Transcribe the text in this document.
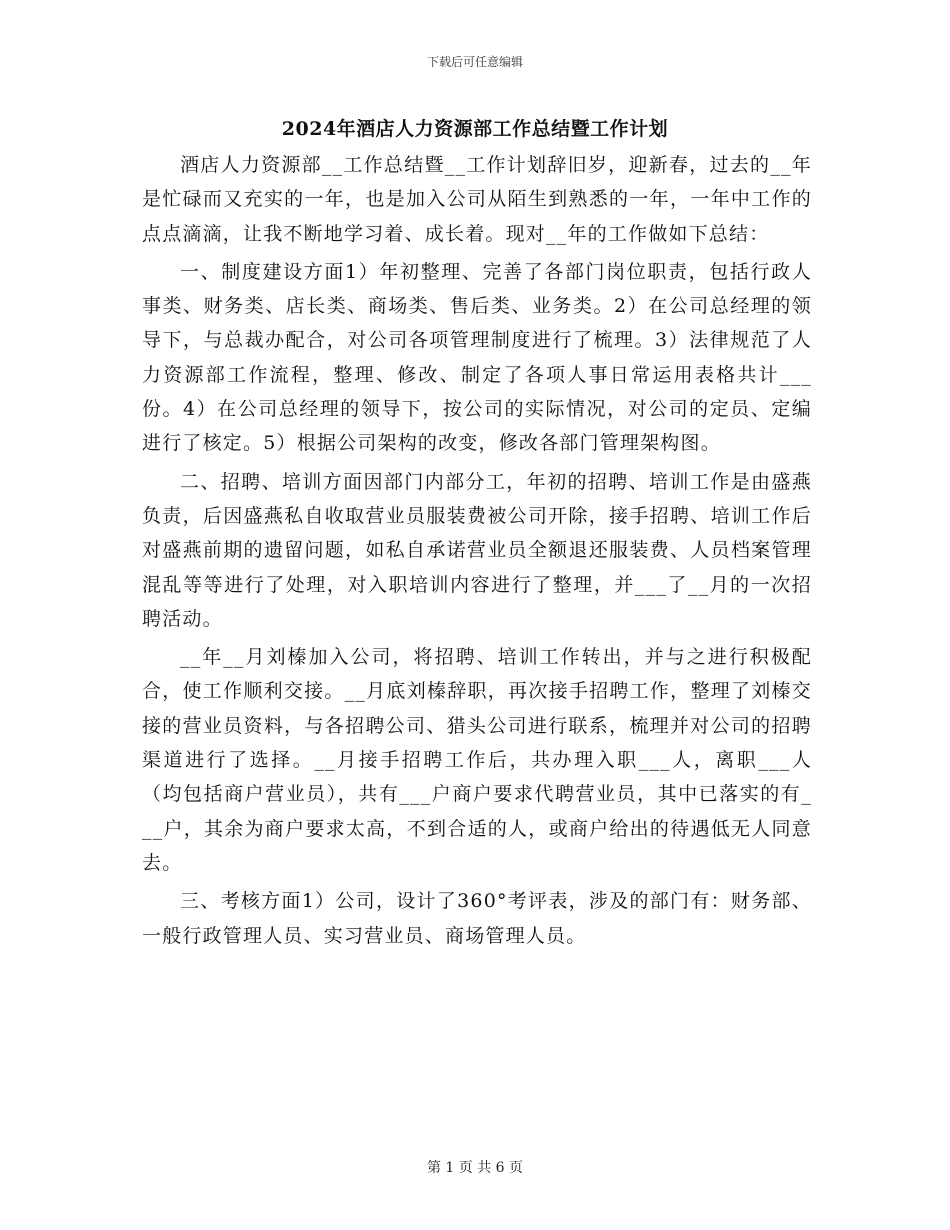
下载后可任意编辑
2024年酒店人力资源部工作总结暨工作计划

酒店人力资源部__工作总结暨__工作计划辞旧岁，迎新春，过去的__年是忙碌而又充实的一年，也是加入公司从陌生到熟悉的一年，一年中工作的点点滴滴，让我不断地学习着、成长着。现对__年的工作做如下总结：

一、制度建设方面1）年初整理、完善了各部门岗位职责，包括行政人事类、财务类、店长类、商场类、售后类、业务类。2）在公司总经理的领导下，与总裁办配合，对公司各项管理制度进行了梳理。3）法律规范了人力资源部工作流程，整理、修改、制定了各项人事日常运用表格共计___份。4）在公司总经理的领导下，按公司的实际情况，对公司的定员、定编进行了核定。5）根据公司架构的改变，修改各部门管理架构图。

二、招聘、培训方面因部门内部分工，年初的招聘、培训工作是由盛燕负责，后因盛燕私自收取营业员服装费被公司开除，接手招聘、培训工作后对盛燕前期的遗留问题，如私自承诺营业员全额退还服装费、人员档案管理混乱等等进行了处理，对入职培训内容进行了整理，并___了__月的一次招聘活动。

__年__月刘榛加入公司，将招聘、培训工作转出，并与之进行积极配合，使工作顺利交接。__月底刘榛辞职，再次接手招聘工作，整理了刘榛交接的营业员资料，与各招聘公司、猎头公司进行联系，梳理并对公司的招聘渠道进行了选择。__月接手招聘工作后，共办理入职___人，离职___人（均包括商户营业员），共有___户商户要求代聘营业员，其中已落实的有___户，其余为商户要求太高，不到合适的人，或商户给出的待遇低无人同意去。

三、考核方面1）公司，设计了360°考评表，涉及的部门有：财务部、一般行政管理人员、实习营业员、商场管理人员。

第 1 页 共 6 页
